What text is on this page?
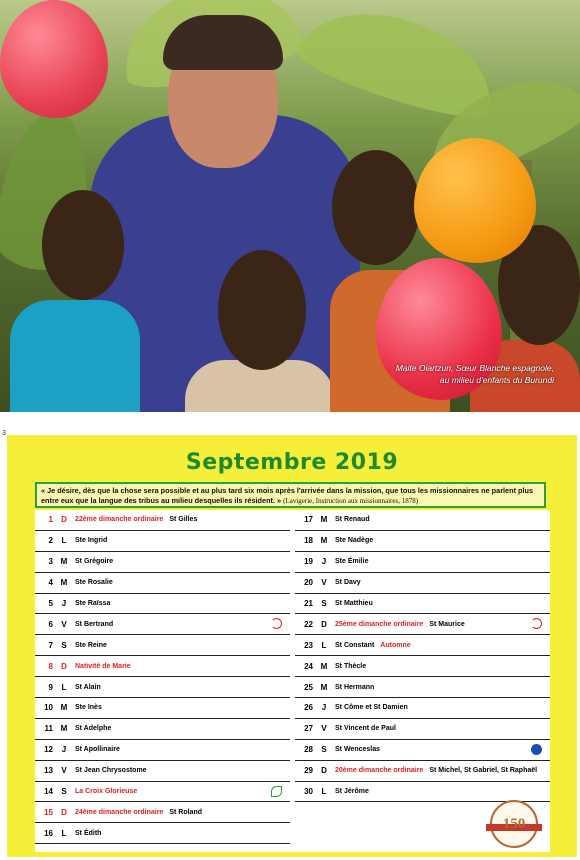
Maite Oiartzun, Sœur Blanche espagnole,
au milieu d'enfants du Burundi
3
Septembre 2019
« Je désire, dès que la chose sera possible et au plus tard six mois après l'arrivée dans la mission, que tous les missionnaires ne parlent plus entre eux que la langue des tribus au milieu desquelles ils résident. » (Lavigerie, Instruction aux missionnaires, 1878)
1	D	22ème dimanche ordinaire St Gilles
2	L	Ste Ingrid
3 M	St Grégoire
4 M	Ste Rosalie
5	J	Ste Raïssa
6	V	St Bertrand
7	S	Ste Reine
8	D	Nativité de Marie
9	L	St Alain
10 M	Ste Inès
11 M	St Adelphe
12	J	St Apollinaire
13	V	St Jean Chrysostome
14	S	La Croix Glorieuse
15	D	24ème dimanche ordinaire St Roland
16	L	St Édith
17 M	St Renaud
18 M	Ste Nadège
19	J	Ste Émilie
20	V	St Davy
21	S	St Matthieu
22	D	25ème dimanche ordinaire St Maurice
23	L	St Constant Automne
24 M	St Thècle
25 M	St Hermann
26	J	St Côme et St Damien
27	V	St Vincent de Paul
28	S	St Wenceslas
29	D	20ème dimanche ordinaire St Michel, St Gabriel, St Raphaël
30	L	St Jérôme
150
